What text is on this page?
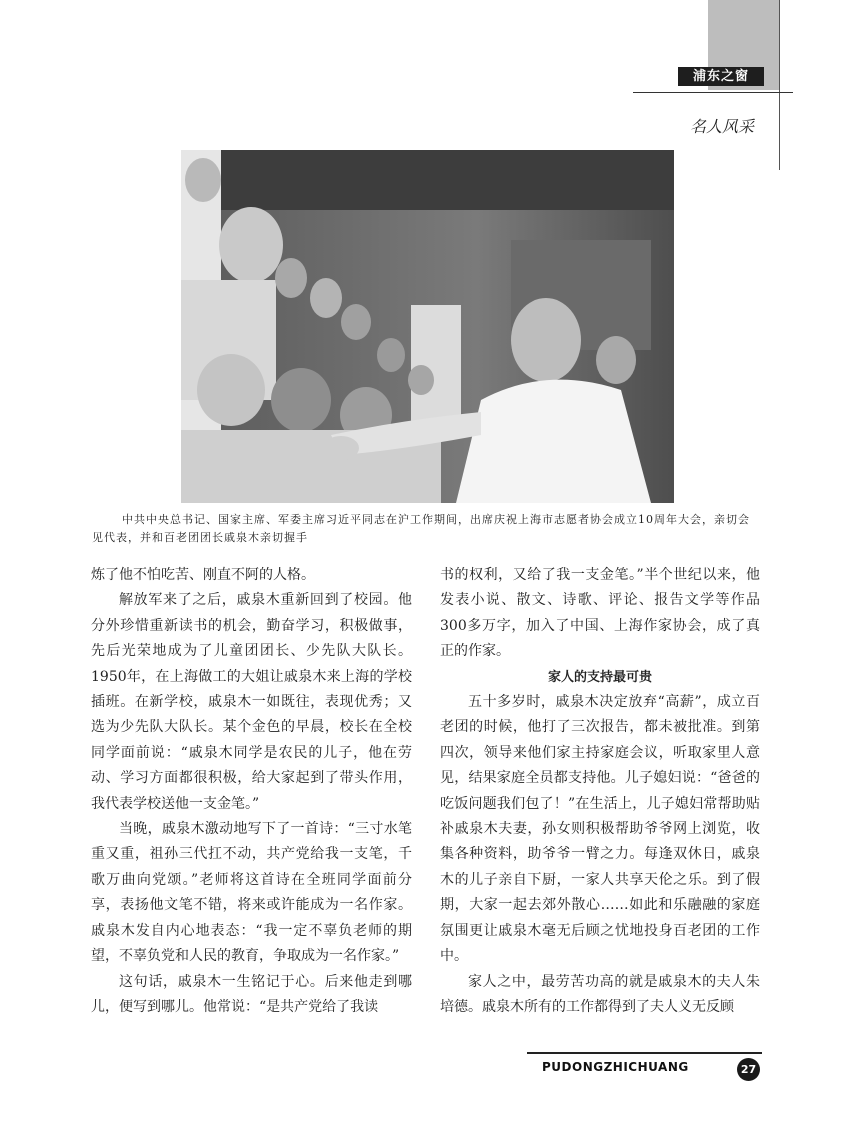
浦东之窗
名人风采
中共中央总书记、国家主席、军委主席习近平同志在沪工作期间，出席庆祝上海市志愿者协会成立10周年大会，亲切会见代表，并和百老团团长戚泉木亲切握手

炼了他不怕吃苦、刚直不阿的人格。

解放军来了之后，戚泉木重新回到了校园。他分外珍惜重新读书的机会，勤奋学习，积极做事，先后光荣地成为了儿童团团长、少先队大队长。1950年，在上海做工的大姐让戚泉木来上海的学校插班。在新学校，戚泉木一如既往，表现优秀；又选为少先队大队长。某个金色的早晨，校长在全校同学面前说：“戚泉木同学是农民的儿子，他在劳动、学习方面都很积极，给大家起到了带头作用，我代表学校送他一支金笔。”

当晚，戚泉木激动地写下了一首诗：“三寸水笔重又重，祖孙三代扛不动，共产党给我一支笔，千歌万曲向党颂。”老师将这首诗在全班同学面前分享，表扬他文笔不错，将来或许能成为一名作家。戚泉木发自内心地表态：“我一定不辜负老师的期望，不辜负党和人民的教育，争取成为一名作家。”

这句话，戚泉木一生铭记于心。后来他走到哪儿，便写到哪儿。他常说：“是共产党给了我读

书的权利，又给了我一支金笔。”半个世纪以来，他发表小说、散文、诗歌、评论、报告文学等作品300多万字，加入了中国、上海作家协会，成了真正的作家。

家人的支持最可贵

五十多岁时，戚泉木决定放弃“高薪”，成立百老团的时候，他打了三次报告，都未被批准。到第四次，领导来他们家主持家庭会议，听取家里人意见，结果家庭全员都支持他。儿子媳妇说：“爸爸的吃饭问题我们包了！”在生活上，儿子媳妇常帮助贴补戚泉木夫妻，孙女则积极帮助爷爷网上浏览，收集各种资料，助爷爷一臂之力。每逢双休日，戚泉木的儿子亲自下厨，一家人共享天伦之乐。到了假期，大家一起去郊外散心……如此和乐融融的家庭氛围更让戚泉木毫无后顾之忧地投身百老团的工作中。

家人之中，最劳苦功高的就是戚泉木的夫人朱培德。戚泉木所有的工作都得到了夫人义无反顾

PUDONGZHICHUANG	27
